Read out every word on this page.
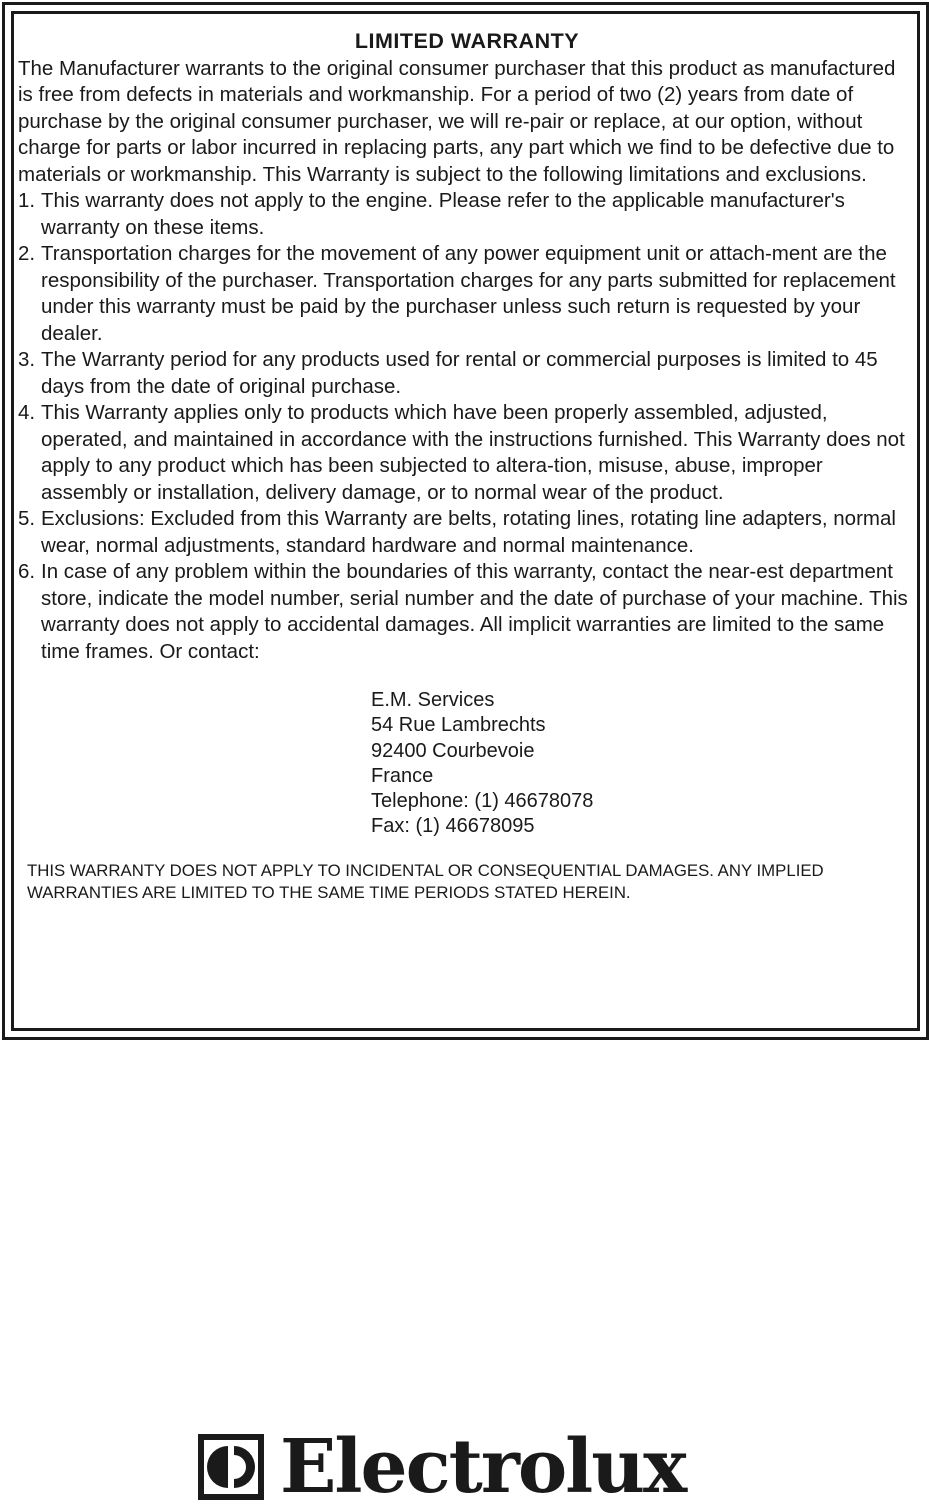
LIMITED WARRANTY

The Manufacturer warrants to the original consumer purchaser that this product as manufactured is free from defects in materials and workmanship. For a period of two (2) years from date of purchase by the original consumer purchaser, we will re-pair or replace, at our option, without charge for parts or labor incurred in replacing parts, any part which we find to be defective due to materials or workmanship. This Warranty is subject to the following limitations and exclusions.

1. This warranty does not apply to the engine. Please refer to the applicable manufacturer's warranty on these items.
2. Transportation charges for the movement of any power equipment unit or attach-ment are the responsibility of the purchaser. Transportation charges for any parts submitted for replacement under this warranty must be paid by the purchaser unless such return is requested by your dealer.
3. The Warranty period for any products used for rental or commercial purposes is limited to 45 days from the date of original purchase.
4. This Warranty applies only to products which have been properly assembled, adjusted, operated, and maintained in accordance with the instructions furnished. This Warranty does not apply to any product which has been subjected to altera-tion, misuse, abuse, improper assembly or installation, delivery damage, or to normal wear of the product.
5. Exclusions: Excluded from this Warranty are belts, rotating lines, rotating line adapters, normal wear, normal adjustments, standard hardware and normal maintenance.
6. In case of any problem within the boundaries of this warranty, contact the near-est department store, indicate the model number, serial number and the date of purchase of your machine. This warranty does not apply to accidental damages. All implicit warranties are limited to the same time frames. Or contact:
E.M. Services
54 Rue Lambrechts
92400 Courbevoie
France
Telephone: (1) 46678078
Fax: (1) 46678095
THIS WARRANTY DOES NOT APPLY TO INCIDENTAL OR CONSEQUENTIAL DAMAGES. ANY IMPLIED WARRANTIES ARE LIMITED TO THE SAME TIME PERIODS STATED HEREIN.
Electrolux
